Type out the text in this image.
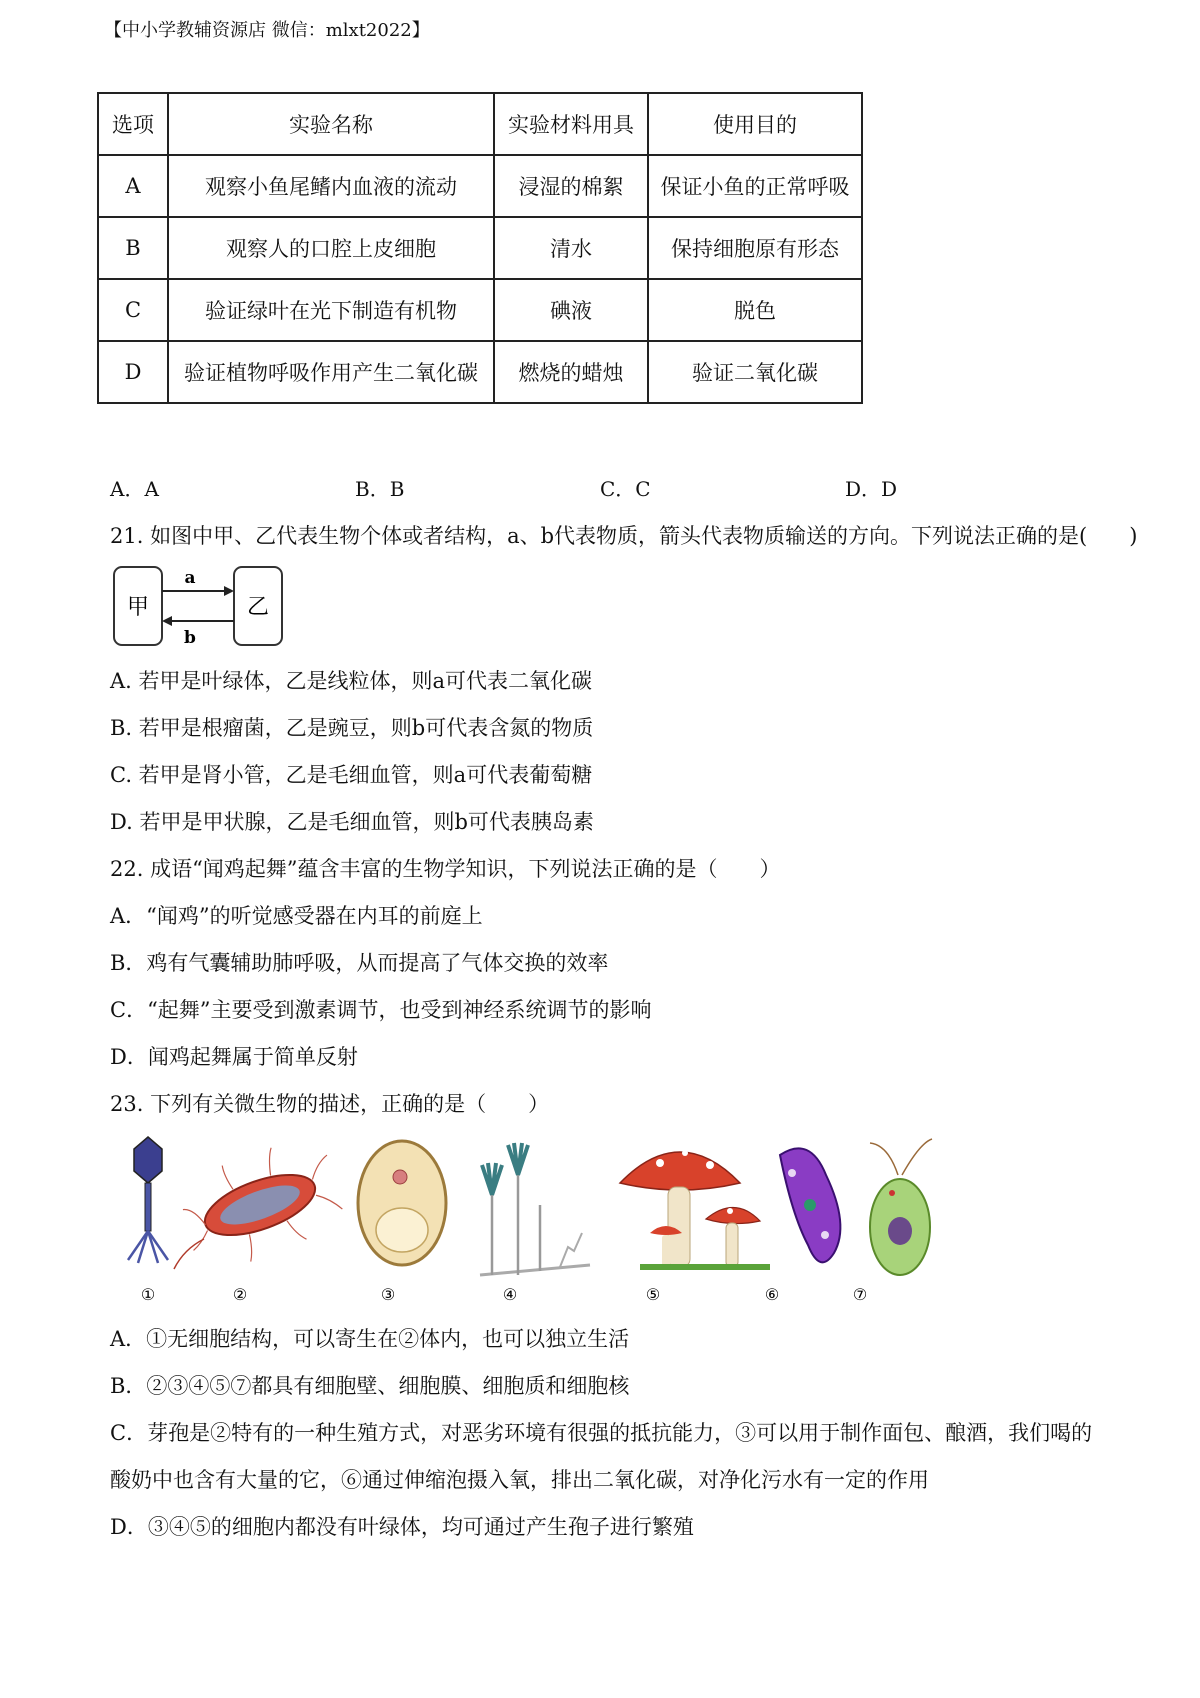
【中小学教辅资源店 微信：mlxt2022】
选项	实验名称	实验材料用具	使用目的
A	观察小鱼尾鳍内血液的流动	浸湿的棉絮	保证小鱼的正常呼吸
B	观察人的口腔上皮细胞	清水	保持细胞原有形态
C	验证绿叶在光下制造有机物	碘液	脱色
D	验证植物呼吸作用产生二氧化碳	燃烧的蜡烛	验证二氧化碳
A．A	B．B	C．C	D．D
21. 如图中甲、乙代表生物个体或者结构，a、b代表物质，箭头代表物质输送的方向。下列说法正确的是(　　)
甲	乙
a
b
A. 若甲是叶绿体，乙是线粒体，则a可代表二氧化碳
B. 若甲是根瘤菌，乙是豌豆，则b可代表含氮的物质
C. 若甲是肾小管，乙是毛细血管，则a可代表葡萄糖
D. 若甲是甲状腺，乙是毛细血管，则b可代表胰岛素
22. 成语“闻鸡起舞”蕴含丰富的生物学知识，下列说法正确的是（　　）
A．“闻鸡”的听觉感受器在内耳的前庭上
B．鸡有气囊辅助肺呼吸，从而提高了气体交换的效率
C．“起舞”主要受到激素调节，也受到神经系统调节的影响
D．闻鸡起舞属于简单反射
23. 下列有关微生物的描述，正确的是（　　）
①	②	③	④	⑤	⑥	⑦
A．①无细胞结构，可以寄生在②体内，也可以独立生活
B．②③④⑤⑦都具有细胞壁、细胞膜、细胞质和细胞核
C．芽孢是②特有的一种生殖方式，对恶劣环境有很强的抵抗能力，③可以用于制作面包、酿酒，我们喝的
酸奶中也含有大量的它，⑥通过伸缩泡摄入氧，排出二氧化碳，对净化污水有一定的作用
D．③④⑤的细胞内都没有叶绿体，均可通过产生孢子进行繁殖
